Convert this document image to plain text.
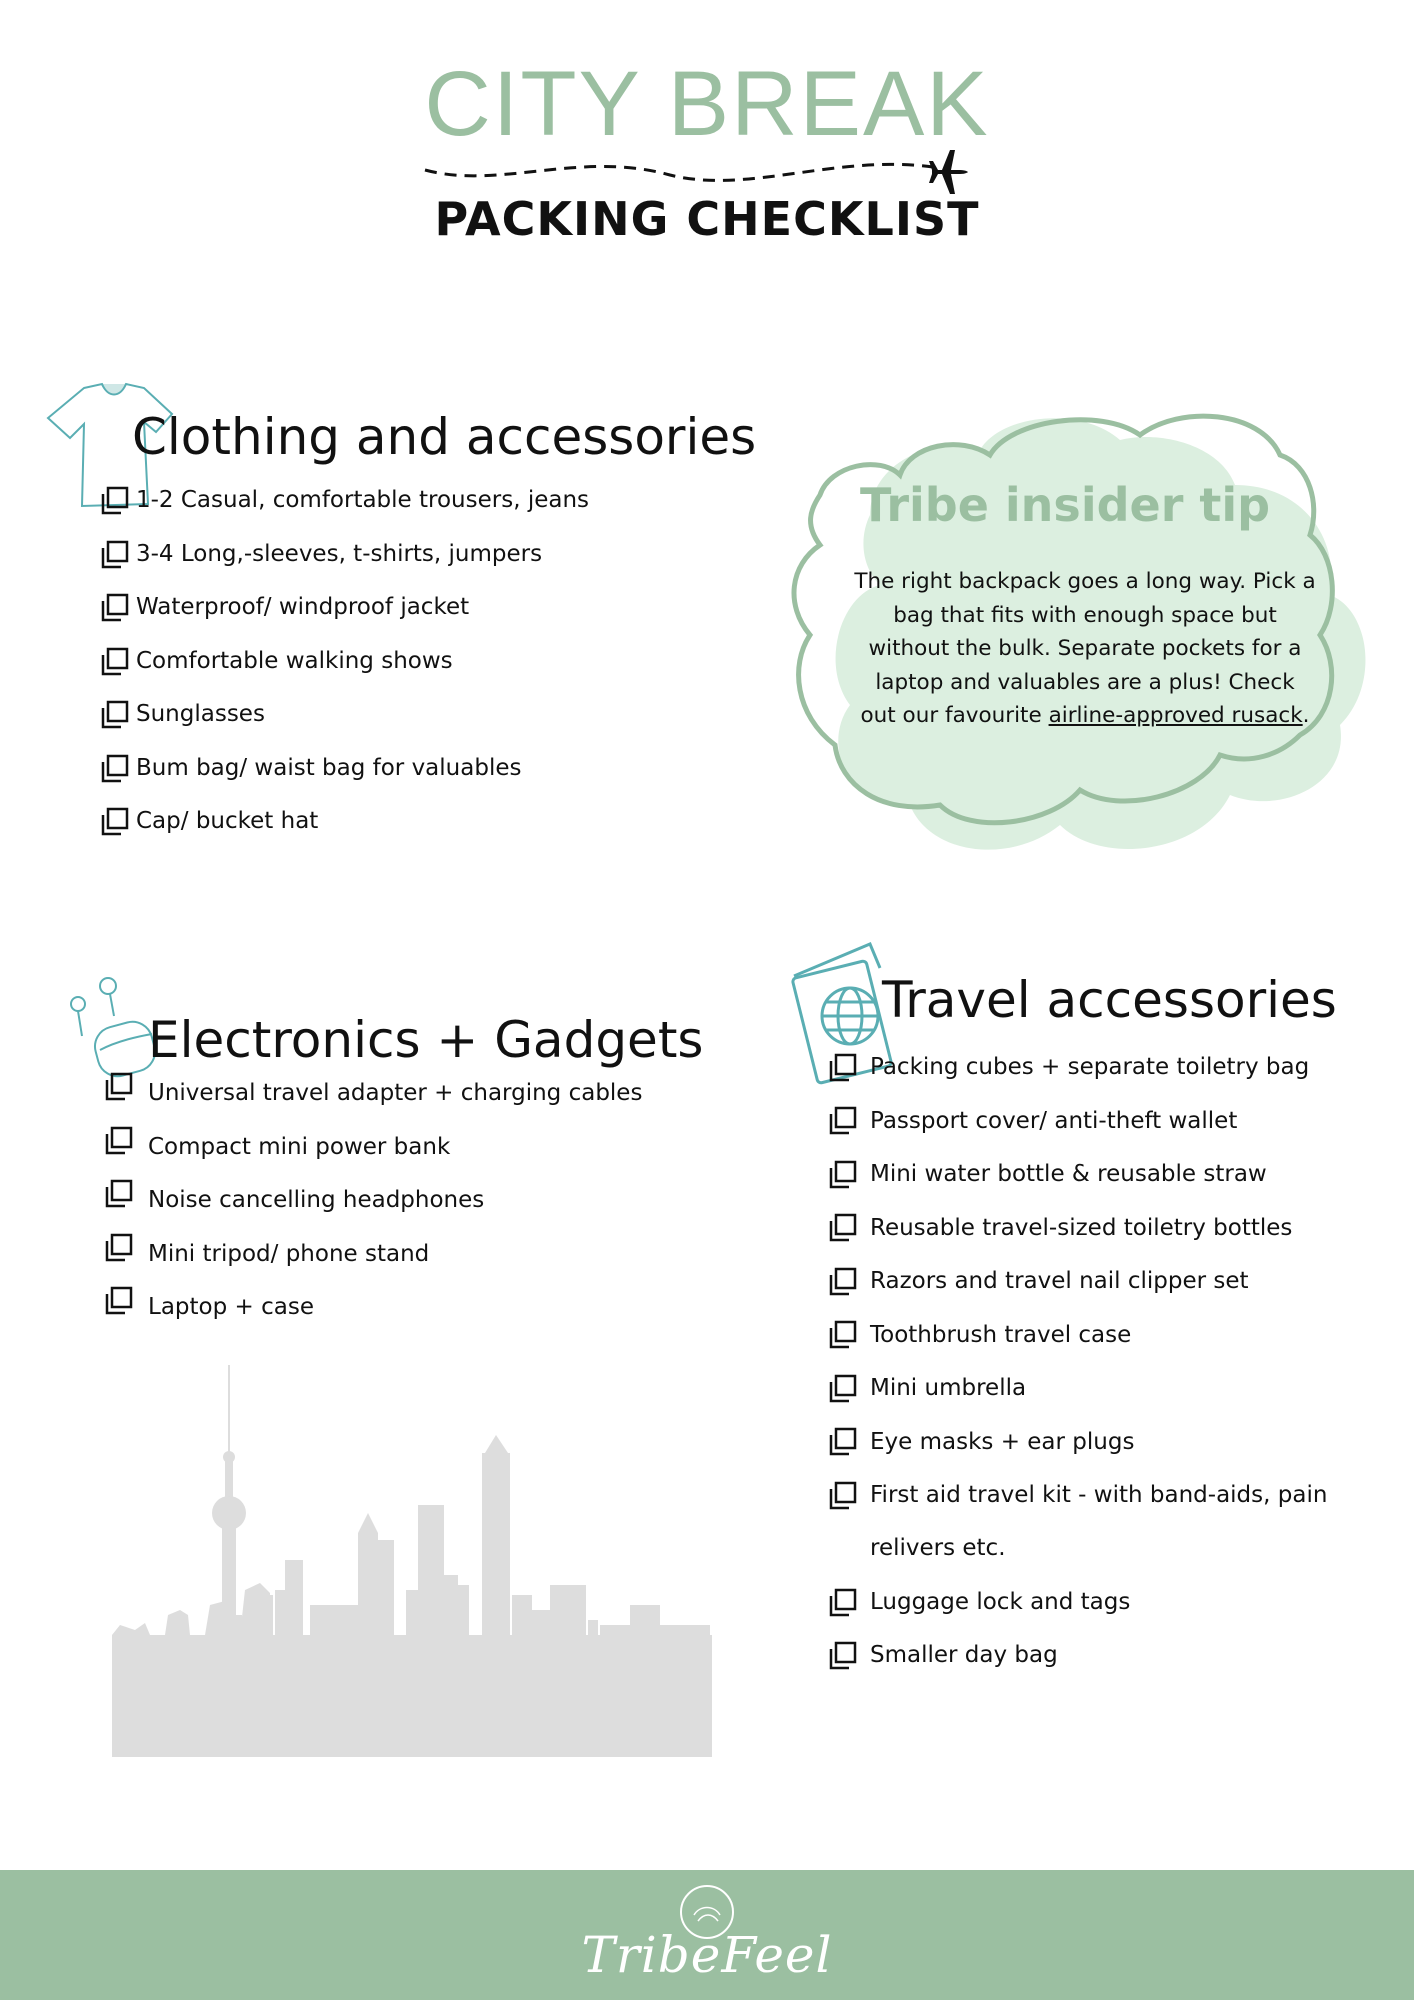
CITY BREAK
PACKING CHECKLIST
Clothing and accessories
1-2 Casual, comfortable trousers, jeans
3-4 Long,-sleeves, t-shirts, jumpers
Waterproof/ windproof jacket
Comfortable walking shows
Sunglasses
Bum bag/ waist bag for valuables
Cap/ bucket hat
Tribe insider tip
The right backpack goes a long way. Pick a
bag that fits with enough space but
without the bulk. Separate pockets for a
laptop and valuables are a plus! Check
out our favourite airline-approved rusack.
Electronics + Gadgets
Universal travel adapter + charging cables
Compact mini power bank
Noise cancelling headphones
Mini tripod/ phone stand
Laptop + case
Travel accessories
Packing cubes + separate toiletry bag
Passport cover/ anti-theft wallet
Mini water bottle & reusable straw
Reusable travel-sized toiletry bottles
Razors and travel nail clipper set
Toothbrush travel case
Mini umbrella
Eye masks + ear plugs
First aid travel kit - with band-aids, pain
relivers etc.
Luggage lock and tags
Smaller day bag
TribeFeel
